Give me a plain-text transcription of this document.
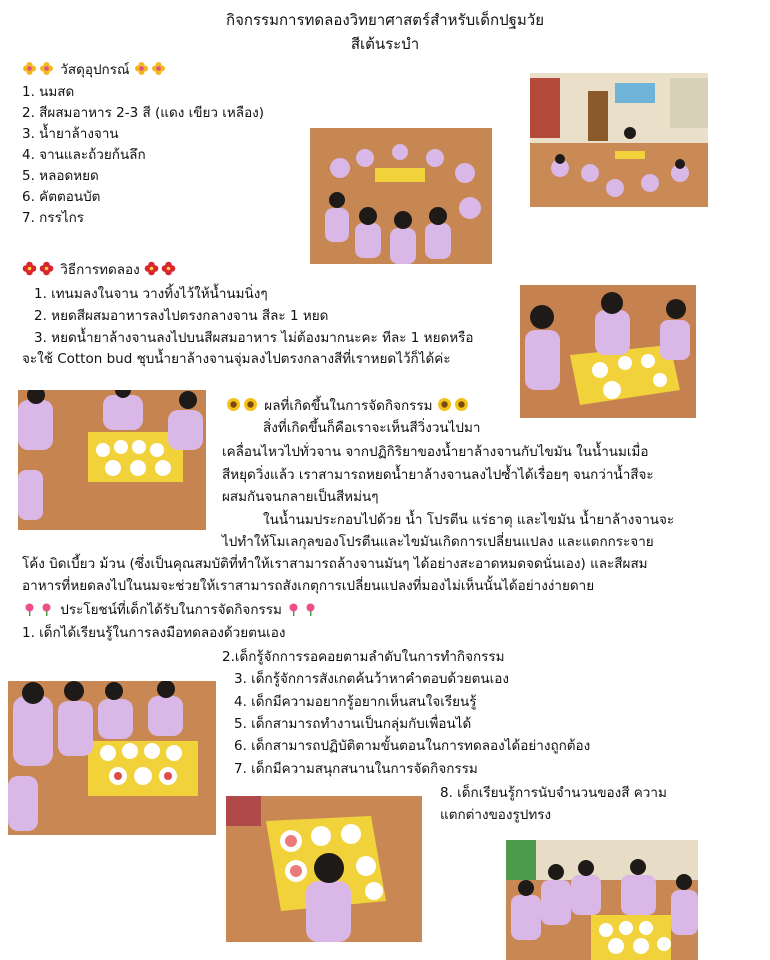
กิจกรรมการทดลองวิทยาศาสตร์สำหรับเด็กปฐมวัย
สีเต้นระบำ
วัสดุอุปกรณ์
1. นมสด
2. สีผสมอาหาร 2-3 สี (แดง เขียว เหลือง)
3. น้ำยาล้างจาน
4. จานและถ้วยก้นลึก
5. หลอดหยด
6. คัตตอนบัต
7. กรรไกร
วิธีการทดลอง
1. เทนมลงในจาน วางทิ้งไว้ให้น้ำนมนิ่งๆ
2. หยดสีผสมอาหารลงไปตรงกลางจาน สีละ 1 หยด
3. หยดน้ำยาล้างจานลงไปบนสีผสมอาหาร ไม่ต้องมากนะคะ ทีละ 1 หยดหรือ
จะใช้ Cotton bud ชุบน้ำยาล้างจานจุ่มลงไปตรงกลางสีที่เราหยดไว้ก็ได้ค่ะ
ผลที่เกิดขึ้นในการจัดกิจกรรม
สิ่งที่เกิดขึ้นก็คือเราจะเห็นสีวิ่งวนไปมา
เคลื่อนไหวไปทั่วจาน จากปฏิกิริยาของน้ำยาล้างจานกับไขมัน ในน้ำนมเมื่อ
สีหยุดวิ่งแล้ว เราสามารถหยดน้ำยาล้างจานลงไปซ้ำได้เรื่อยๆ จนกว่าน้ำสีจะ
ผสมกันจนกลายเป็นสีหม่นๆ
ในน้ำนมประกอบไปด้วย น้ำ โปรตีน แร่ธาตุ และไขมัน น้ำยาล้างจานจะ
ไปทำให้โมเลกุลของโปรตีนและไขมันเกิดการเปลี่ยนแปลง และแตกกระจาย
โค้ง บิดเบี้ยว ม้วน (ซึ่งเป็นคุณสมบัติที่ทำให้เราสามารถล้างจานมันๆ ได้อย่างสะอาดหมดจดนั่นเอง) และสีผสม
อาหารที่หยดลงไปในนมจะช่วยให้เราสามารถสังเกตุการเปลี่ยนแปลงที่มองไม่เห็นนั้นได้อย่างง่ายดาย
ประโยชน์ที่เด็กได้รับในการจัดกิจกรรม
1. เด็กได้เรียนรู้ในการลงมือทดลองด้วยตนเอง
2.เด็กรู้จักการรอคอยตามลำดับในการทำกิจกรรม
3. เด็กรู้จักการสังเกตค้นว้าหาคำตอบด้วยตนเอง
4. เด็กมีความอยากรู้อยากเห็นสนใจเรียนรู้
5. เด็กสามารถทำงานเป็นกลุ่มกับเพื่อนได้
6. เด็กสามารถปฏิบัติตามขั้นตอนในการทดลองได้อย่างถูกต้อง
7. เด็กมีความสนุกสนานในการจัดกิจกรรม
8. เด็กเรียนรู้การนับจำนวนของสี ความ
แตกต่างของรูปทรง
